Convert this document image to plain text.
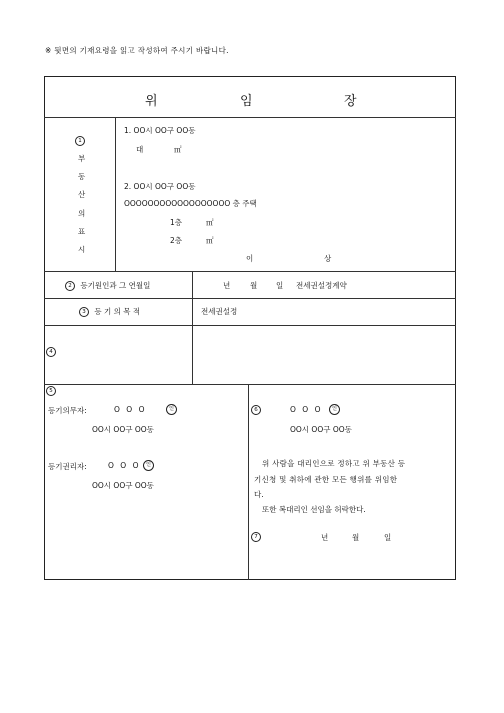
※ 뒷면의 기재요령을 읽고 작성하여 주시기 바랍니다.
위	임	장
1
부
동
산
의
표
시
1. OO시 OO구 OO동
대	㎡
2. OO시 OO구 OO동
OOOOOOOOOOOOOOOOOO 층 주택
1층	㎡
2층	㎡
이	상
2 등기원인과 그 연월일	년	월	일 전세권설정계약
3 등 기 의 목 적	전세권설정
4
5
등기의무자:	O O O	인
OO시 OO구 OO동
등기권리자:	O O O	인
OO시 OO구 OO동
6	O O O	인
OO시 OO구 OO동
위 사람을 대리인으로 정하고 위 부동산 등
기신청 및 취하에 관한 모든 행위를 위임한
다.
또한 복대리인 선임을 허락한다.
7	년	월	일
